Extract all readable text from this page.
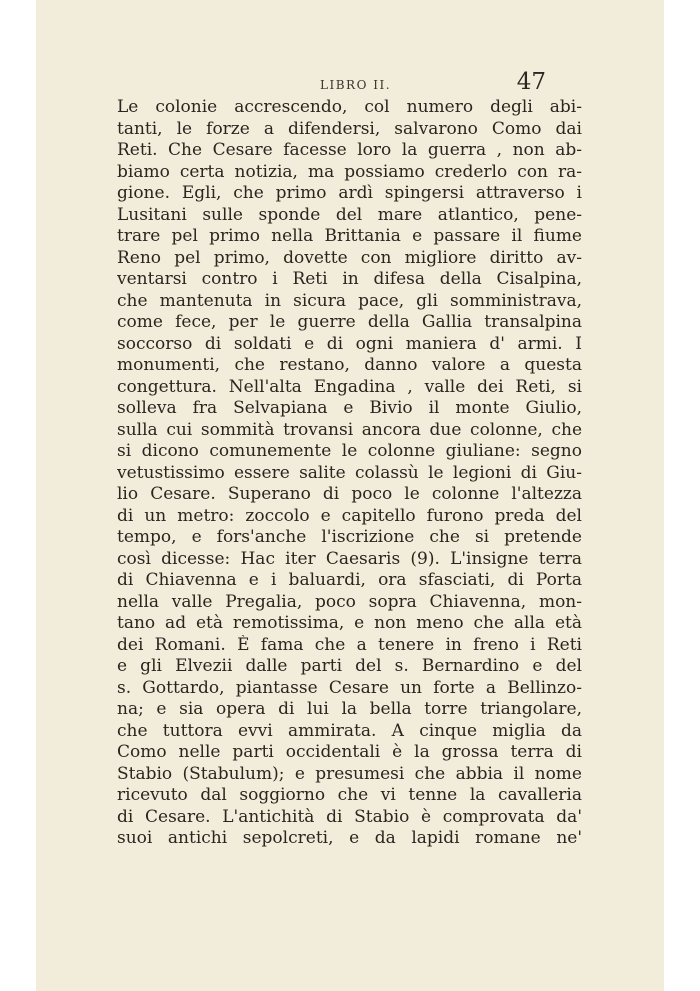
LIBRO II.	47
Le colonie accrescendo, col numero degli abi-
tanti, le forze a difendersi, salvarono Como dai
Reti. Che Cesare facesse loro la guerra , non ab-
biamo certa notizia, ma possiamo crederlo con ra-
gione. Egli, che primo ardì spingersi attraverso i
Lusitani sulle sponde del mare atlantico, pene-
trare pel primo nella Brittania e passare il fiume
Reno pel primo, dovette con migliore diritto av-
ventarsi contro i Reti in difesa della Cisalpina,
che mantenuta in sicura pace, gli somministrava,
come fece, per le guerre della Gallia transalpina
soccorso di soldati e di ogni maniera d' armi. I
monumenti, che restano, danno valore a questa
congettura. Nell'alta Engadina , valle dei Reti, si
solleva fra Selvapiana e Bivio il monte Giulio,
sulla cui sommità trovansi ancora due colonne, che
si dicono comunemente le colonne giuliane: segno
vetustissimo essere salite colassù le legioni di Giu-
lio Cesare. Superano di poco le colonne l'altezza
di un metro: zoccolo e capitello furono preda del
tempo, e fors'anche l'iscrizione che si pretende
così dicesse: Hac iter Caesaris (9). L'insigne terra
di Chiavenna e i baluardi, ora sfasciati, di Porta
nella valle Pregalia, poco sopra Chiavenna, mon-
tano ad età remotissima, e non meno che alla età
dei Romani. È fama che a tenere in freno i Reti
e gli Elvezii dalle parti del s. Bernardino e del
s. Gottardo, piantasse Cesare un forte a Bellinzo-
na; e sia opera di lui la bella torre triangolare,
che tuttora evvi ammirata. A cinque miglia da
Como nelle parti occidentali è la grossa terra di
Stabio (Stabulum); e presumesi che abbia il nome
ricevuto dal soggiorno che vi tenne la cavalleria
di Cesare. L'antichità di Stabio è comprovata da'
suoi antichi sepolcreti, e da lapidi romane ne'
